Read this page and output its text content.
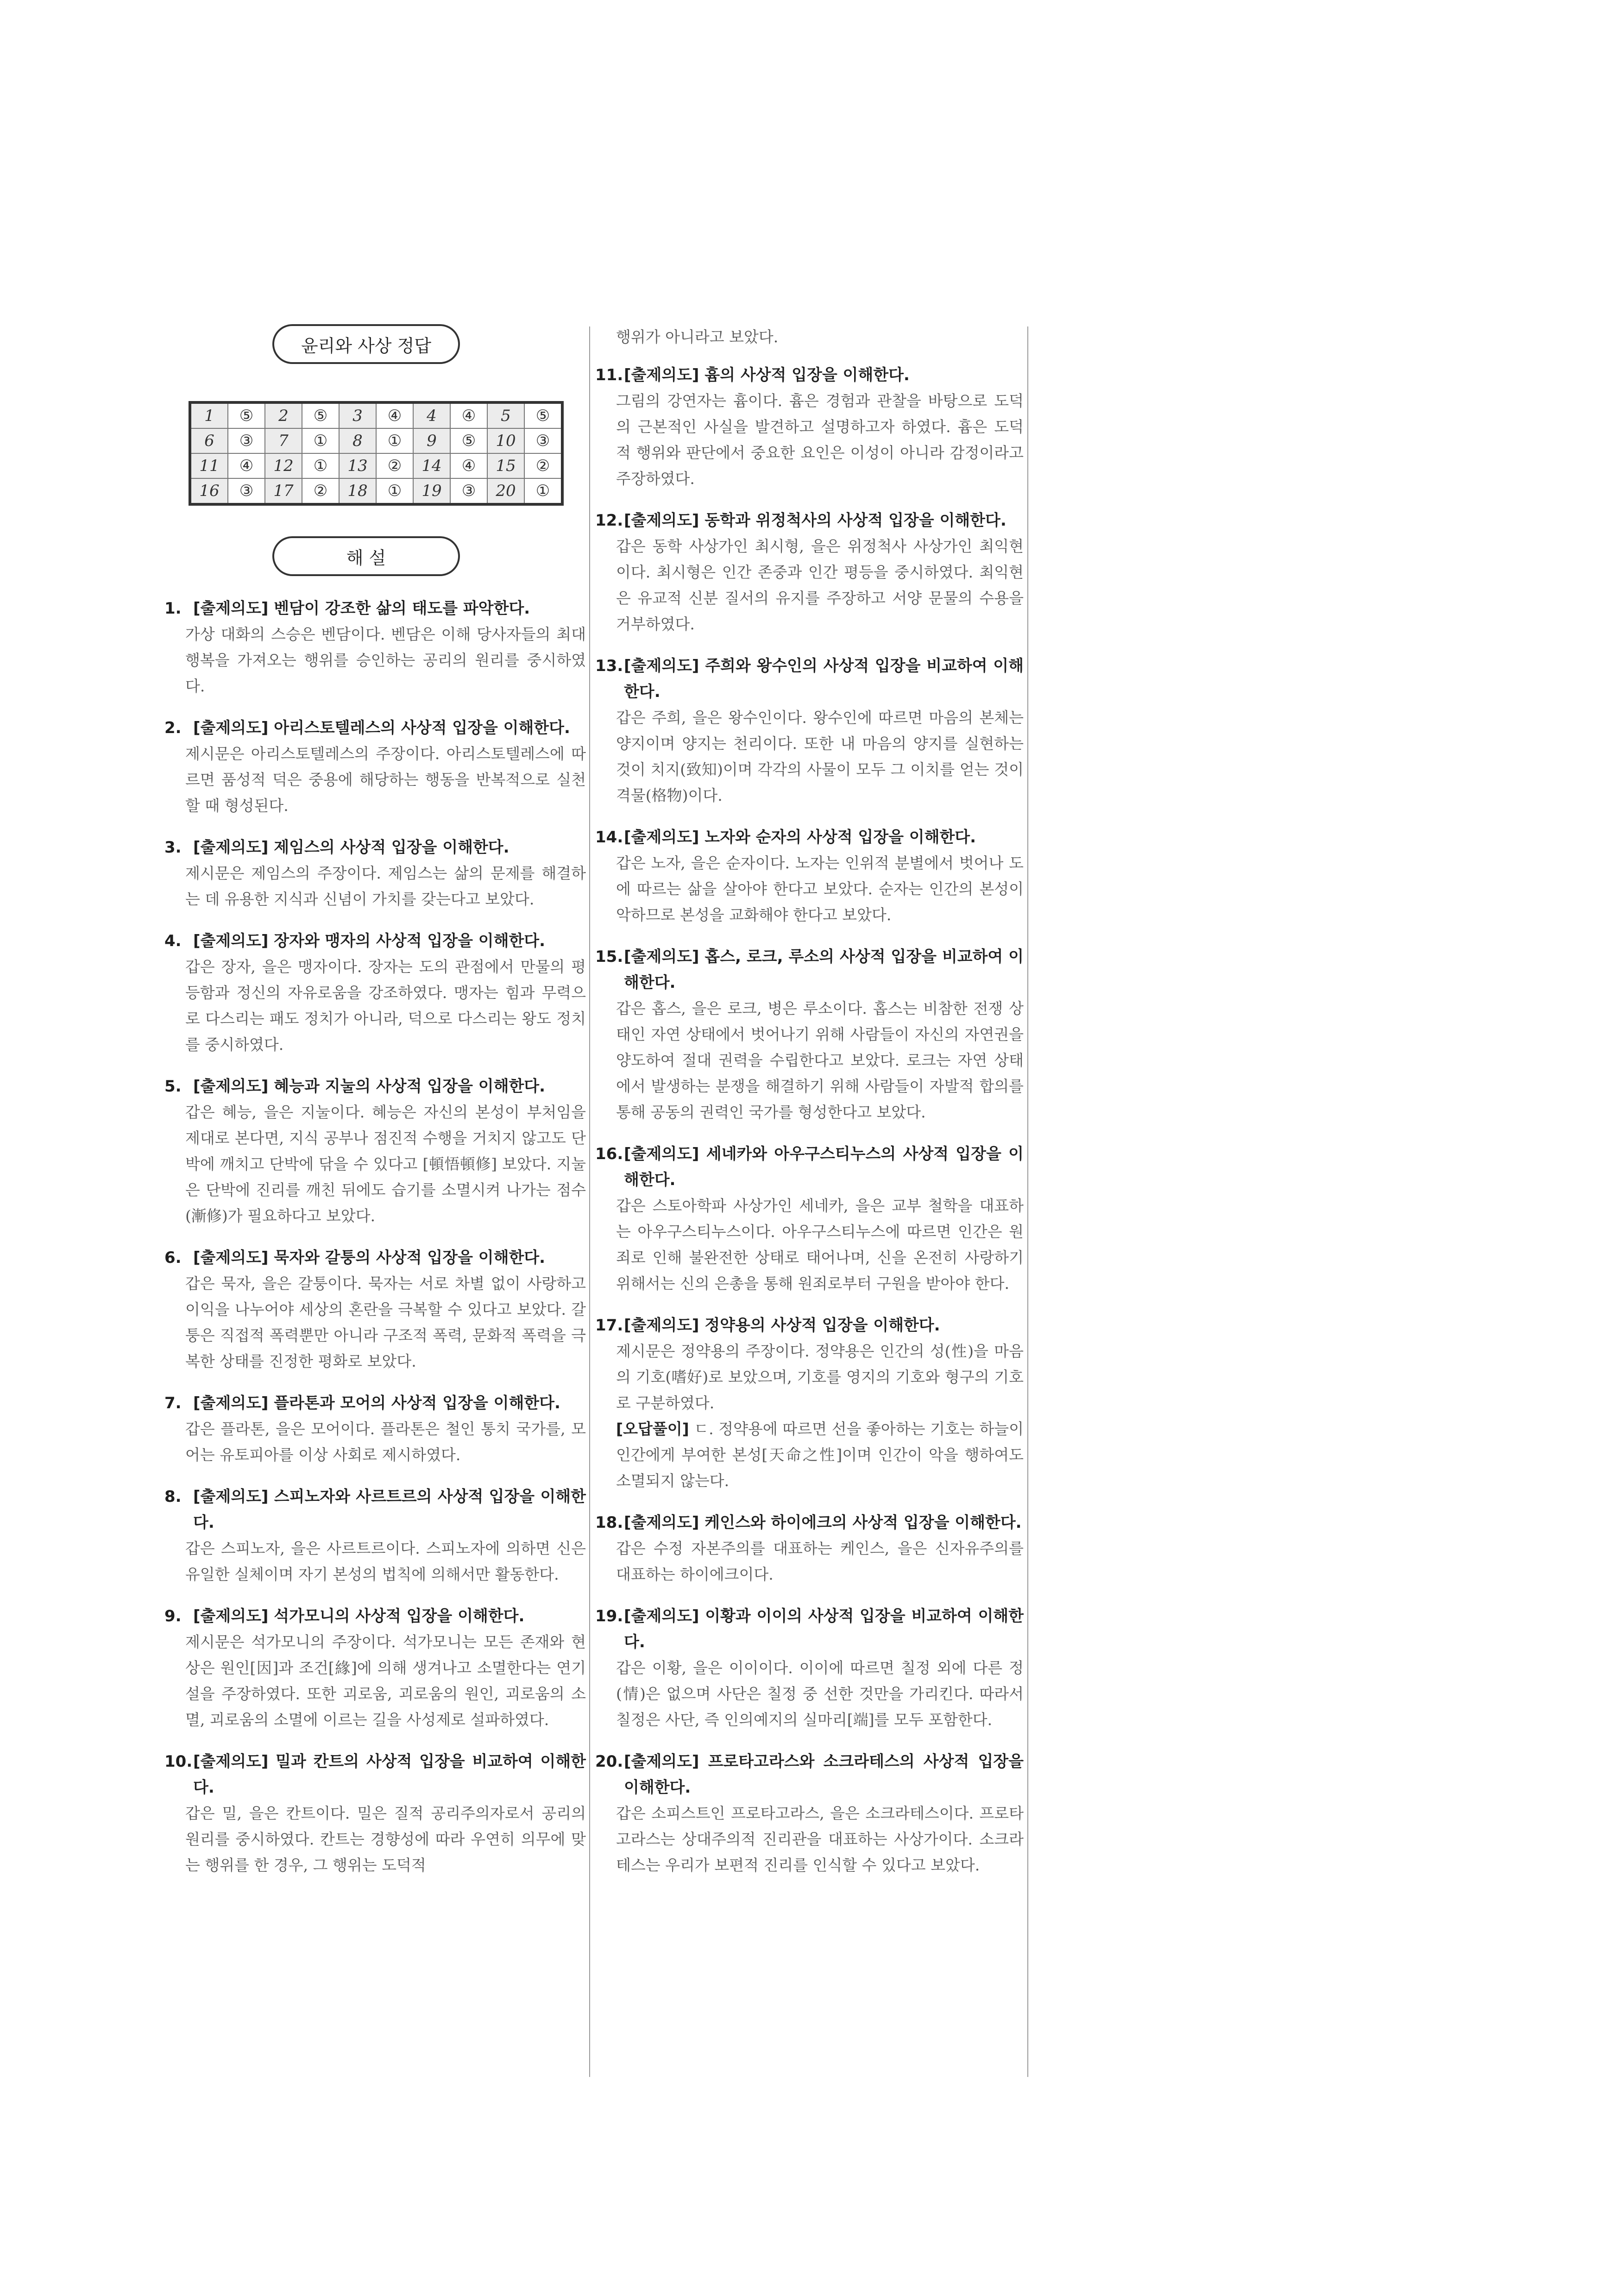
윤리와 사상 정답
1	⑤	2	⑤	3	④	4	④	5	⑤
6	③	7	①	8	①	9	⑤	10	③
11	④	12	①	13	②	14	④	15	②
16	③	17	②	18	①	19	③	20	①
해 설
1. [출제의도] 벤담이 강조한 삶의 태도를 파악한다.
가상 대화의 스승은 벤담이다. 벤담은 이해 당사자들의 최대 행복을 가져오는 행위를 승인하는 공리의 원리를 중시하였다.
2. [출제의도] 아리스토텔레스의 사상적 입장을 이해한다.
제시문은 아리스토텔레스의 주장이다. 아리스토텔레스에 따르면 품성적 덕은 중용에 해당하는 행동을 반복적으로 실천할 때 형성된다.
3. [출제의도] 제임스의 사상적 입장을 이해한다.
제시문은 제임스의 주장이다. 제임스는 삶의 문제를 해결하는 데 유용한 지식과 신념이 가치를 갖는다고 보았다.
4. [출제의도] 장자와 맹자의 사상적 입장을 이해한다.
갑은 장자, 을은 맹자이다. 장자는 도의 관점에서 만물의 평등함과 정신의 자유로움을 강조하였다. 맹자는 힘과 무력으로 다스리는 패도 정치가 아니라, 덕으로 다스리는 왕도 정치를 중시하였다.
5. [출제의도] 혜능과 지눌의 사상적 입장을 이해한다.
갑은 혜능, 을은 지눌이다. 혜능은 자신의 본성이 부처임을 제대로 본다면, 지식 공부나 점진적 수행을 거치지 않고도 단박에 깨치고 단박에 닦을 수 있다고 [頓悟頓修] 보았다. 지눌은 단박에 진리를 깨친 뒤에도 습기를 소멸시켜 나가는 점수(漸修)가 필요하다고 보았다.
6. [출제의도] 묵자와 갈퉁의 사상적 입장을 이해한다.
갑은 묵자, 을은 갈퉁이다. 묵자는 서로 차별 없이 사랑하고 이익을 나누어야 세상의 혼란을 극복할 수 있다고 보았다. 갈퉁은 직접적 폭력뿐만 아니라 구조적 폭력, 문화적 폭력을 극복한 상태를 진정한 평화로 보았다.
7. [출제의도] 플라톤과 모어의 사상적 입장을 이해한다.
갑은 플라톤, 을은 모어이다. 플라톤은 철인 통치 국가를, 모어는 유토피아를 이상 사회로 제시하였다.
8. [출제의도] 스피노자와 사르트르의 사상적 입장을 이해한다.
갑은 스피노자, 을은 사르트르이다. 스피노자에 의하면 신은 유일한 실체이며 자기 본성의 법칙에 의해서만 활동한다.
9. [출제의도] 석가모니의 사상적 입장을 이해한다.
제시문은 석가모니의 주장이다. 석가모니는 모든 존재와 현상은 원인[因]과 조건[緣]에 의해 생겨나고 소멸한다는 연기설을 주장하였다. 또한 괴로움, 괴로움의 원인, 괴로움의 소멸, 괴로움의 소멸에 이르는 길을 사성제로 설파하였다.
10.[출제의도] 밀과 칸트의 사상적 입장을 비교하여 이해한다.
갑은 밀, 을은 칸트이다. 밀은 질적 공리주의자로서 공리의 원리를 중시하였다. 칸트는 경향성에 따라 우연히 의무에 맞는 행위를 한 경우, 그 행위는 도덕적
행위가 아니라고 보았다.
11.[출제의도] 흄의 사상적 입장을 이해한다.
그림의 강연자는 흄이다. 흄은 경험과 관찰을 바탕으로 도덕의 근본적인 사실을 발견하고 설명하고자 하였다. 흄은 도덕적 행위와 판단에서 중요한 요인은 이성이 아니라 감정이라고 주장하였다.
12.[출제의도] 동학과 위정척사의 사상적 입장을 이해한다.
갑은 동학 사상가인 최시형, 을은 위정척사 사상가인 최익현이다. 최시형은 인간 존중과 인간 평등을 중시하였다. 최익현은 유교적 신분 질서의 유지를 주장하고 서양 문물의 수용을 거부하였다.
13.[출제의도] 주희와 왕수인의 사상적 입장을 비교하여 이해한다.
갑은 주희, 을은 왕수인이다. 왕수인에 따르면 마음의 본체는 양지이며 양지는 천리이다. 또한 내 마음의 양지를 실현하는 것이 치지(致知)이며 각각의 사물이 모두 그 이치를 얻는 것이 격물(格物)이다.
14.[출제의도] 노자와 순자의 사상적 입장을 이해한다.
갑은 노자, 을은 순자이다. 노자는 인위적 분별에서 벗어나 도에 따르는 삶을 살아야 한다고 보았다. 순자는 인간의 본성이 악하므로 본성을 교화해야 한다고 보았다.
15.[출제의도] 홉스, 로크, 루소의 사상적 입장을 비교하여 이해한다.
갑은 홉스, 을은 로크, 병은 루소이다. 홉스는 비참한 전쟁 상태인 자연 상태에서 벗어나기 위해 사람들이 자신의 자연권을 양도하여 절대 권력을 수립한다고 보았다. 로크는 자연 상태에서 발생하는 분쟁을 해결하기 위해 사람들이 자발적 합의를 통해 공동의 권력인 국가를 형성한다고 보았다.
16.[출제의도] 세네카와 아우구스티누스의 사상적 입장을 이해한다.
갑은 스토아학파 사상가인 세네카, 을은 교부 철학을 대표하는 아우구스티누스이다. 아우구스티누스에 따르면 인간은 원죄로 인해 불완전한 상태로 태어나며, 신을 온전히 사랑하기 위해서는 신의 은총을 통해 원죄로부터 구원을 받아야 한다.
17.[출제의도] 정약용의 사상적 입장을 이해한다.
제시문은 정약용의 주장이다. 정약용은 인간의 성(性)을 마음의 기호(嗜好)로 보았으며, 기호를 영지의 기호와 형구의 기호로 구분하였다.
[오답풀이] ㄷ. 정약용에 따르면 선을 좋아하는 기호는 하늘이 인간에게 부여한 본성[天命之性]이며 인간이 악을 행하여도 소멸되지 않는다.
18.[출제의도] 케인스와 하이에크의 사상적 입장을 이해한다.
갑은 수정 자본주의를 대표하는 케인스, 을은 신자유주의를 대표하는 하이에크이다.
19.[출제의도] 이황과 이이의 사상적 입장을 비교하여 이해한다.
갑은 이황, 을은 이이이다. 이이에 따르면 칠정 외에 다른 정(情)은 없으며 사단은 칠정 중 선한 것만을 가리킨다. 따라서 칠정은 사단, 즉 인의예지의 실마리[端]를 모두 포함한다.
20.[출제의도] 프로타고라스와 소크라테스의 사상적 입장을 이해한다.
갑은 소피스트인 프로타고라스, 을은 소크라테스이다. 프로타고라스는 상대주의적 진리관을 대표하는 사상가이다. 소크라테스는 우리가 보편적 진리를 인식할 수 있다고 보았다.
